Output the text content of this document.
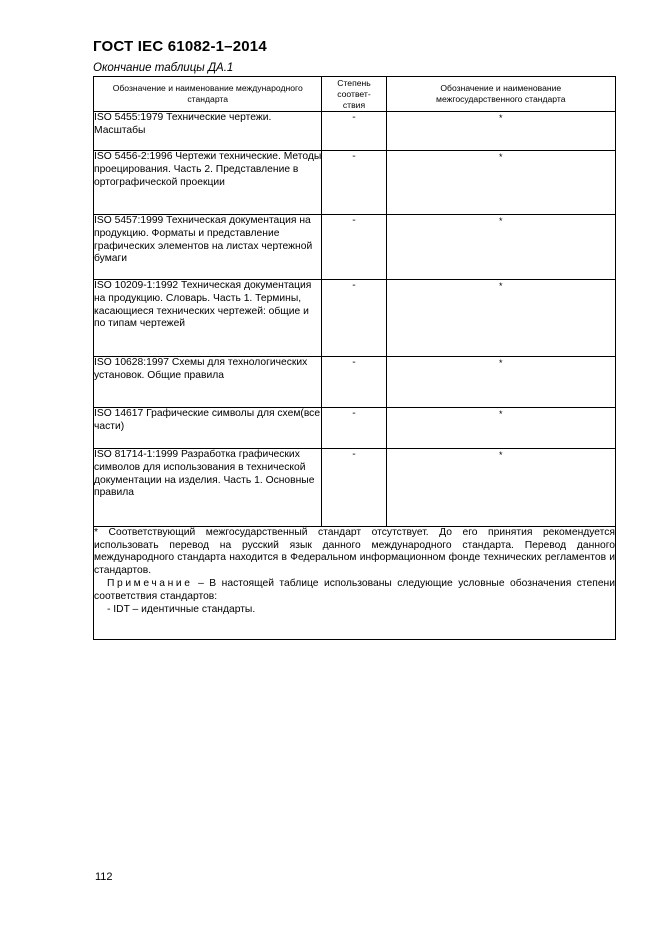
ГОСТ IEC 61082-1–2014
Окончание таблицы ДА.1
Обозначение и наименование международного стандарта	Степень соответ-ствия	Обозначение и наименование межгосударственного стандарта
ISO 5455:1979 Технические чертежи. Масштабы	-	*
ISO 5456-2:1996 Чертежи технические. Методы проецирования. Часть 2. Представление в ортографической проекции	-	*
ISO 5457:1999 Техническая документация на продукцию. Форматы и представление графических элементов на листах чертежной бумаги	-	*
ISO 10209-1:1992 Техническая документация на продукцию. Словарь. Часть 1. Термины, касающиеся технических чертежей: общие и по типам чертежей	-	*
ISO 10628:1997 Схемы для технологических установок. Общие правила	-	*
ISO 14617 Графические символы для схем(все части)	-	*
ISO 81714-1:1999 Разработка графических символов для использования в технической документации на изделия. Часть 1. Основные правила	-	*

* Соответствующий межгосударственный стандарт отсутствует. До его принятия рекомендуется использовать перевод на русский язык данного международного стандарта. Перевод данного международного стандарта находится в Федеральном информационном фонде технических регламентов и стандартов.

Примечание – В настоящей таблице использованы следующие условные обозначения степени соответствия стандартов:

- IDT – идентичные стандарты.		

112
